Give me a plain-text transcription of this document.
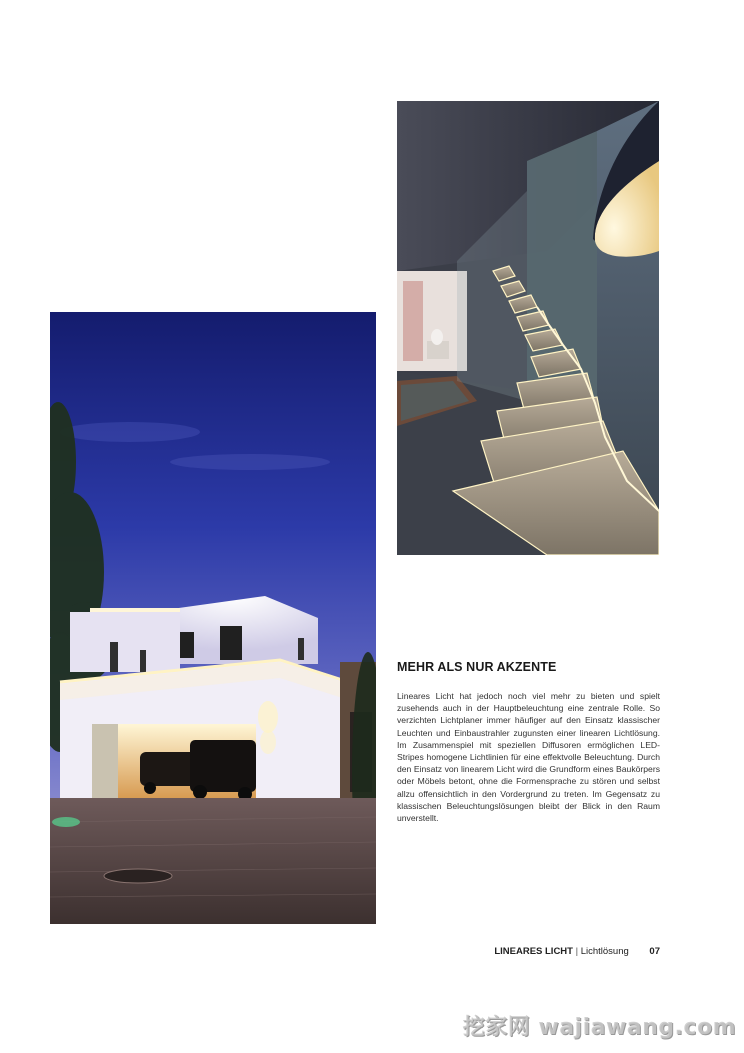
MEHR ALS NUR AKZENTE

Lineares Licht hat jedoch noch viel mehr zu bieten und spielt zusehends auch in der Hauptbeleuchtung eine zentrale Rolle. So verzichten Lichtplaner immer häufiger auf den Einsatz klassischer Leuchten und Einbaustrahler zugunsten einer linearen Lichtlösung. Im Zusammenspiel mit speziellen Diffusoren ermöglichen LED-Stripes homogene Lichtlinien für eine effektvolle Beleuchtung. Durch den Einsatz von linearem Licht wird die Grundform eines Baukörpers oder Möbels betont, ohne die Formensprache zu stören und selbst allzu offensichtlich in den Vordergrund zu treten. Im Gegensatz zu klassischen Beleuchtungslösungen bleibt der Blick in den Raum unverstellt.

LINEARES LICHT | Lichtlösung 07
挖家网 wajiawang.com
